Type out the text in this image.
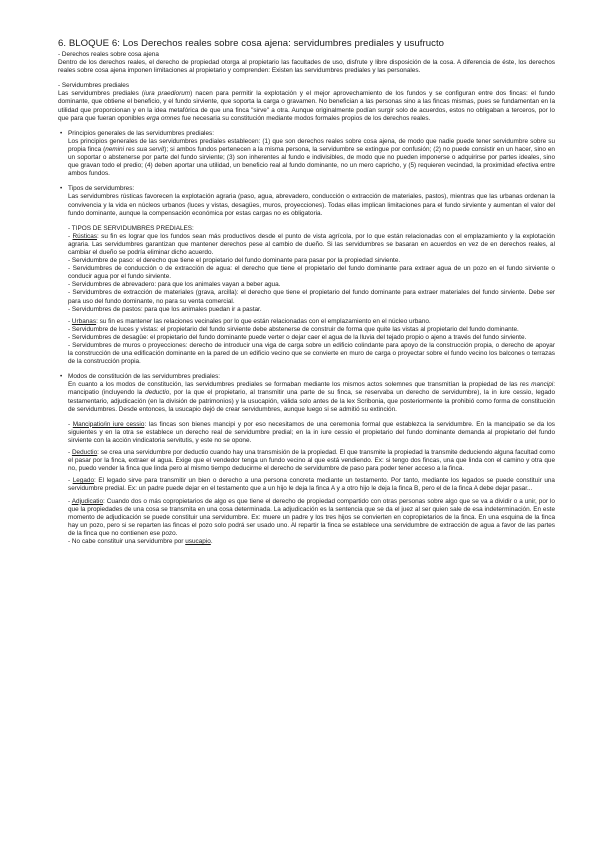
6. BLOQUE 6: Los Derechos reales sobre cosa ajena: servidumbres prediales y usufructo

- Derechos reales sobre cosa ajena

Dentro de los derechos reales, el derecho de propiedad otorga al propietario las facultades de uso, disfrute y libre disposición de la cosa. A diferencia de éste, los derechos reales sobre cosa ajena imponen limitaciones al propietario y comprenden: Existen las servidumbres prediales y las personales.

- Servidumbres prediales

Las servidumbres prediales (iura praediorum) nacen para permitir la explotación y el mejor aprovechamiento de los fundos y se configuran entre dos fincas: el fundo dominante, que obtiene el beneficio, y el fundo sirviente, que soporta la carga o gravamen. No benefician a las personas sino a las fincas mismas, pues se fundamentan en la utilidad que proporcionan y en la idea metafórica de que una finca "sirve" a otra. Aunque originalmente podían surgir solo de acuerdos, estos no obligaban a terceros, por lo que para que fueran oponibles erga omnes fue necesaria su constitución mediante modos formales propios de los derechos reales.

• Principios generales de las servidumbres prediales:

Los principios generales de las servidumbres prediales establecen: (1) que son derechos reales sobre cosa ajena, de modo que nadie puede tener servidumbre sobre su propia finca (nemini res sua servit); si ambos fundos pertenecen a la misma persona, la servidumbre se extingue por confusión; (2) no puede consistir en un hacer, sino en un soportar o abstenerse por parte del fundo sirviente; (3) son inherentes al fundo e indivisibles, de modo que no pueden imponerse o adquirirse por partes ideales, sino que gravan todo el predio; (4) deben aportar una utilidad, un beneficio real al fundo dominante, no un mero capricho, y (5) requieren vecindad, la proximidad efectiva entre ambos fundos.

• Tipos de servidumbres:

Las servidumbres rústicas favorecen la explotación agraria (paso, agua, abrevadero, conducción o extracción de materiales, pastos), mientras que las urbanas ordenan la convivencia y la vida en núcleos urbanos (luces y vistas, desagües, muros, proyecciones). Todas ellas implican limitaciones para el fundo sirviente y aumentan el valor del fundo dominante, aunque la compensación económica por estas cargas no es obligatoria.

- TIPOS DE SERVIDUMBRES PREDIALES:

- Rústicas: su fin es lograr que los fundos sean más productivos desde el punto de vista agrícola, por lo que están relacionadas con el emplazamiento y la explotación agraria. Las servidumbres garantizan que mantener derechos pese al cambio de dueño. Si las servidumbres se basaran en acuerdos en vez de en derechos reales, al cambiar el dueño se podría eliminar dicho acuerdo.

- Servidumbre de paso: el derecho que tiene el propietario del fundo dominante para pasar por la propiedad sirviente.

- Servidumbres de conducción o de extracción de agua: el derecho que tiene el propietario del fundo dominante para extraer agua de un pozo en el fundo sirviente o conducir agua por el fundo sirviente.

- Servidumbres de abrevadero: para que los animales vayan a beber agua.

- Servidumbres de extracción de materiales (grava, arcilla): el derecho que tiene el propietario del fundo dominante para extraer materiales del fundo sirviente. Debe ser para uso del fundo dominante, no para su venta comercial.

- Servidumbres de pastos: para que los animales puedan ir a pastar.

- Urbanas: su fin es mantener las relaciones vecinales por lo que están relacionadas con el emplazamiento en el núcleo urbano.

- Servidumbre de luces y vistas: el propietario del fundo sirviente debe abstenerse de construir de forma que quite las vistas al propietario del fundo dominante.

- Servidumbres de desagüe: el propietario del fundo dominante puede verter o dejar caer el agua de la lluvia del tejado propio o ajeno a través del fundo sirviente.

- Servidumbres de muros o proyecciones: derecho de introducir una viga de carga sobre un edificio colindante para apoyo de la construcción propia, o derecho de apoyar la construcción de una edificación dominante en la pared de un edificio vecino que se convierte en muro de carga o proyectar sobre el fundo vecino los balcones o terrazas de la construcción propia.

• Modos de constitución de las servidumbres prediales:

En cuanto a los modos de constitución, las servidumbres prediales se formaban mediante los mismos actos solemnes que transmitían la propiedad de las res mancipi: mancipatio (incluyendo la deductio, por la que el propietario, al transmitir una parte de su finca, se reservaba un derecho de servidumbre), la in iure cessio, legado testamentario, adjudicación (en la división de patrimonios) y la usucapión, válida solo antes de la lex Scribonia, que posteriormente la prohibió como forma de constitución de servidumbres. Desde entonces, la usucapio dejó de crear servidumbres, aunque luego si se admitió su extinción.

- Mancipatio/in iure cessio: las fincas son bienes mancipi y por eso necesitamos de una ceremonia formal que establezca la servidumbre. En la mancipatio se da los siguientes y en la otra se establece un derecho real de servidumbre predial; en la in iure cessio el propietario del fundo dominante demanda al propietario del fundo sirviente con la acción vindicatoria servitutis, y este no se opone.

- Deductio: se crea una servidumbre por deductio cuando hay una transmisión de la propiedad. El que transmite la propiedad la transmite deduciendo alguna facultad como el pasar por la finca, extraer el agua. Exige que el vendedor tenga un fundo vecino al que está vendiendo. Ex: si tengo dos fincas, una que linda con el camino y otra que no, puedo vender la finca que linda pero al mismo tiempo deducirme el derecho de servidumbre de paso para poder tener acceso a la finca.

- Legado: El legado sirve para transmitir un bien o derecho a una persona concreta mediante un testamento. Por tanto, mediante los legados se puede constituir una servidumbre predial. Ex: un padre puede dejar en el testamento que a un hijo le deja la finca A y a otro hijo le deja la finca B, pero el de la finca A debe dejar pasar...

- Adjudicatio: Cuando dos o más copropietarios de algo es que tiene el derecho de propiedad compartido con otras personas sobre algo que se va a dividir o a unir, por lo que la propiedades de una cosa se transmita en una cosa determinada. La adjudicación es la sentencia que se da el juez al ser quien sale de esa indeterminación. En este momento de adjudicación se puede constituir una servidumbre. Ex: muere un padre y los tres hijos se convierten en copropietarios de la finca. En una esquina de la finca hay un pozo, pero si se reparten las fincas el pozo solo podrá ser usado uno. Al repartir la finca se establece una servidumbre de extracción de agua a favor de las partes de la finca que no contienen ese pozo.

- No cabe constituir una servidumbre por usucapio.
